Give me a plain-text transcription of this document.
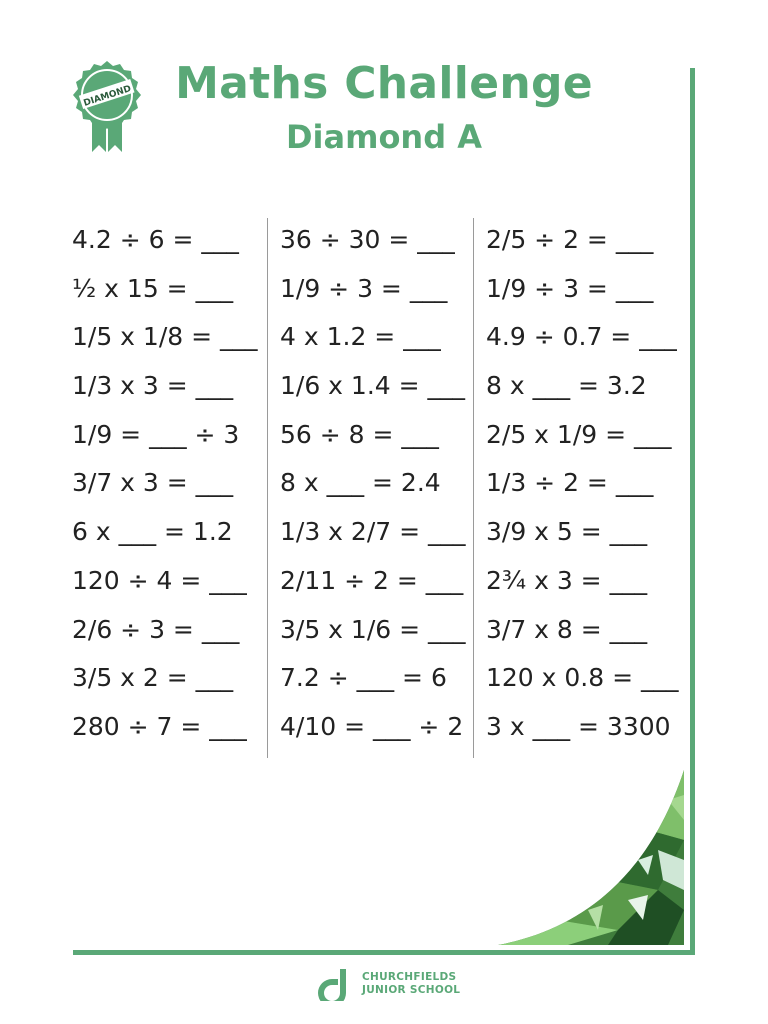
DIAMOND Maths Challenge
Diamond A
4.2 ÷ 6 = ___
½ x 15 = ___
1/5 x 1/8 = ___
1/3 x 3 = ___
1/9 = ___ ÷ 3
3/7 x 3 = ___
6 x ___ = 1.2
120 ÷ 4 = ___
2/6 ÷ 3 = ___
3/5 x 2 = ___
280 ÷ 7 = ___
36 ÷ 30 = ___
1/9 ÷ 3 = ___
4 x 1.2 = ___
1/6 x 1.4 = ___
56 ÷ 8 = ___
8 x ___ = 2.4
1/3 x 2/7 = ___
2/11 ÷ 2 = ___
3/5 x 1/6 = ___
7.2 ÷ ___ = 6
4/10 = ___ ÷ 2
2/5 ÷ 2 = ___
1/9 ÷ 3 = ___
4.9 ÷ 0.7 = ___
8 x ___ = 3.2
2/5 x 1/9 = ___
1/3 ÷ 2 = ___
3/9 x 5 = ___
2¾ x 3 = ___
3/7 x 8 = ___
120 x 0.8 = ___
3 x ___ = 3300
CHURCHFIELDS
JUNIOR SCHOOL
